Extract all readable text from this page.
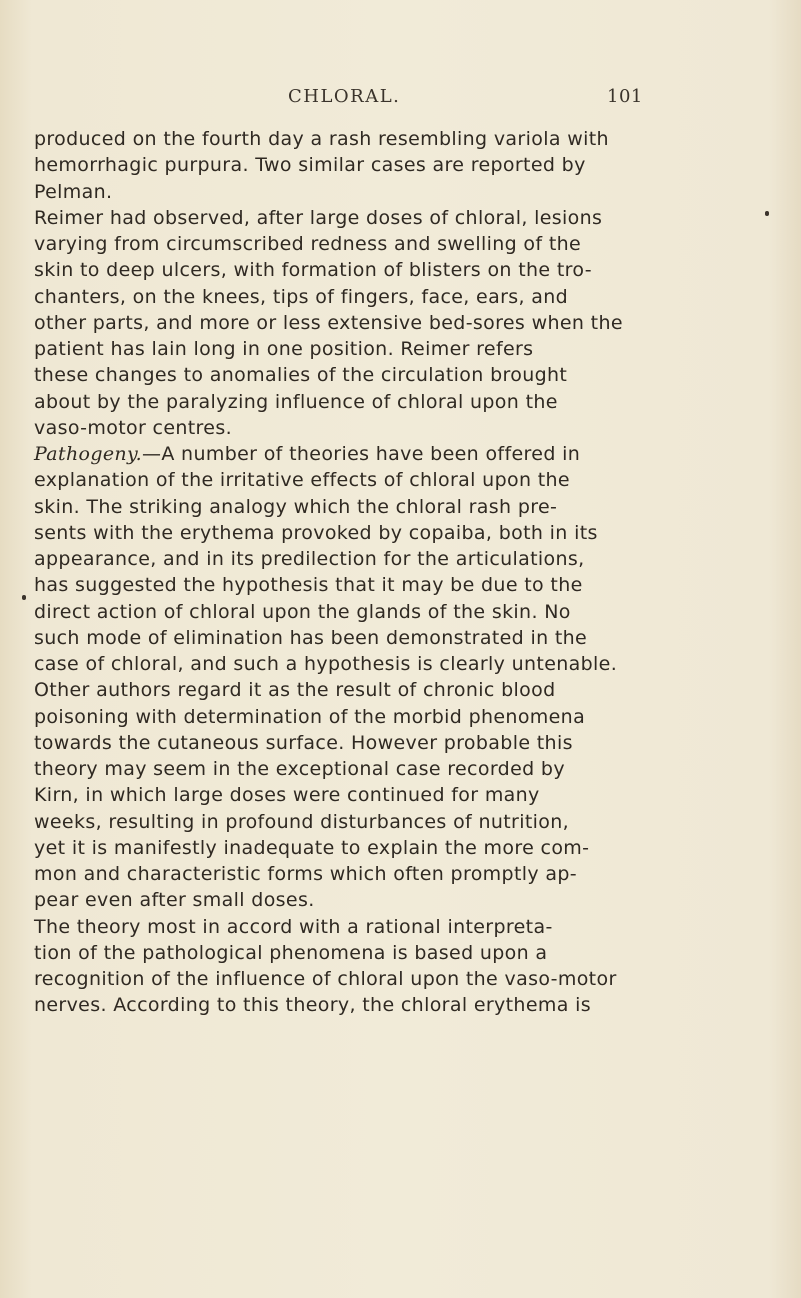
CHLORAL.	101
produced on the fourth day a rash resembling variola with
hemorrhagic purpura. Two similar cases are reported by
Pelman.
Reimer had observed, after large doses of chloral, lesions
varying from circumscribed redness and swelling of the
skin to deep ulcers, with formation of blisters on the tro-
chanters, on the knees, tips of fingers, face, ears, and
other parts, and more or less extensive bed-sores when the
patient has lain long in one position. Reimer refers
these changes to anomalies of the circulation brought
about by the paralyzing influence of chloral upon the
vaso-motor centres.
Pathogeny.—A number of theories have been offered in
explanation of the irritative effects of chloral upon the
skin. The striking analogy which the chloral rash pre-
sents with the erythema provoked by copaiba, both in its
appearance, and in its predilection for the articulations,
has suggested the hypothesis that it may be due to the
direct action of chloral upon the glands of the skin. No
such mode of elimination has been demonstrated in the
case of chloral, and such a hypothesis is clearly untenable.
Other authors regard it as the result of chronic blood
poisoning with determination of the morbid phenomena
towards the cutaneous surface. However probable this
theory may seem in the exceptional case recorded by
Kirn, in which large doses were continued for many
weeks, resulting in profound disturbances of nutrition,
yet it is manifestly inadequate to explain the more com-
mon and characteristic forms which often promptly ap-
pear even after small doses.
The theory most in accord with a rational interpreta-
tion of the pathological phenomena is based upon a
recognition of the influence of chloral upon the vaso-motor
nerves. According to this theory, the chloral erythema is
